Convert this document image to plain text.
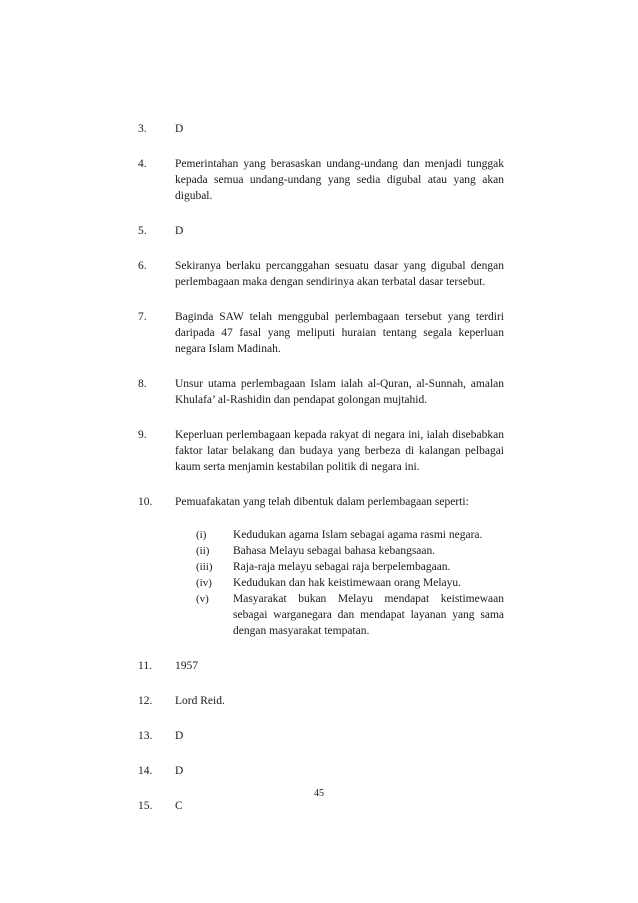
3.	D
4.	Pemerintahan yang berasaskan undang-undang dan menjadi tunggak kepada semua undang-undang yang sedia digubal atau yang akan digubal.
5.	D
6.	Sekiranya berlaku percanggahan sesuatu dasar yang digubal dengan perlembagaan maka dengan sendirinya akan terbatal dasar tersebut.
7.	Baginda SAW telah menggubal perlembagaan tersebut yang terdiri daripada 47 fasal yang meliputi huraian tentang segala keperluan negara Islam Madinah.
8.	Unsur utama perlembagaan Islam ialah al-Quran, al-Sunnah, amalan Khulafa’ al-Rashidin dan pendapat golongan mujtahid.
9.	Keperluan perlembagaan kepada rakyat di negara ini, ialah disebabkan faktor latar belakang dan budaya yang berbeza di kalangan pelbagai kaum serta menjamin kestabilan politik di negara ini.
10.	Pemuafakatan yang telah dibentuk dalam perlembagaan seperti:
(i)	Kedudukan agama Islam sebagai agama rasmi negara.
(ii)	Bahasa Melayu sebagai bahasa kebangsaan.
(iii)	Raja-raja melayu sebagai raja berpelembagaan.
(iv)	Kedudukan dan hak keistimewaan orang Melayu.
(v)	Masyarakat bukan Melayu mendapat keistimewaan sebagai warganegara dan mendapat layanan yang sama dengan masyarakat tempatan.
11.	1957
12.	Lord Reid.
13.	D
14.	D
15.	C
45
